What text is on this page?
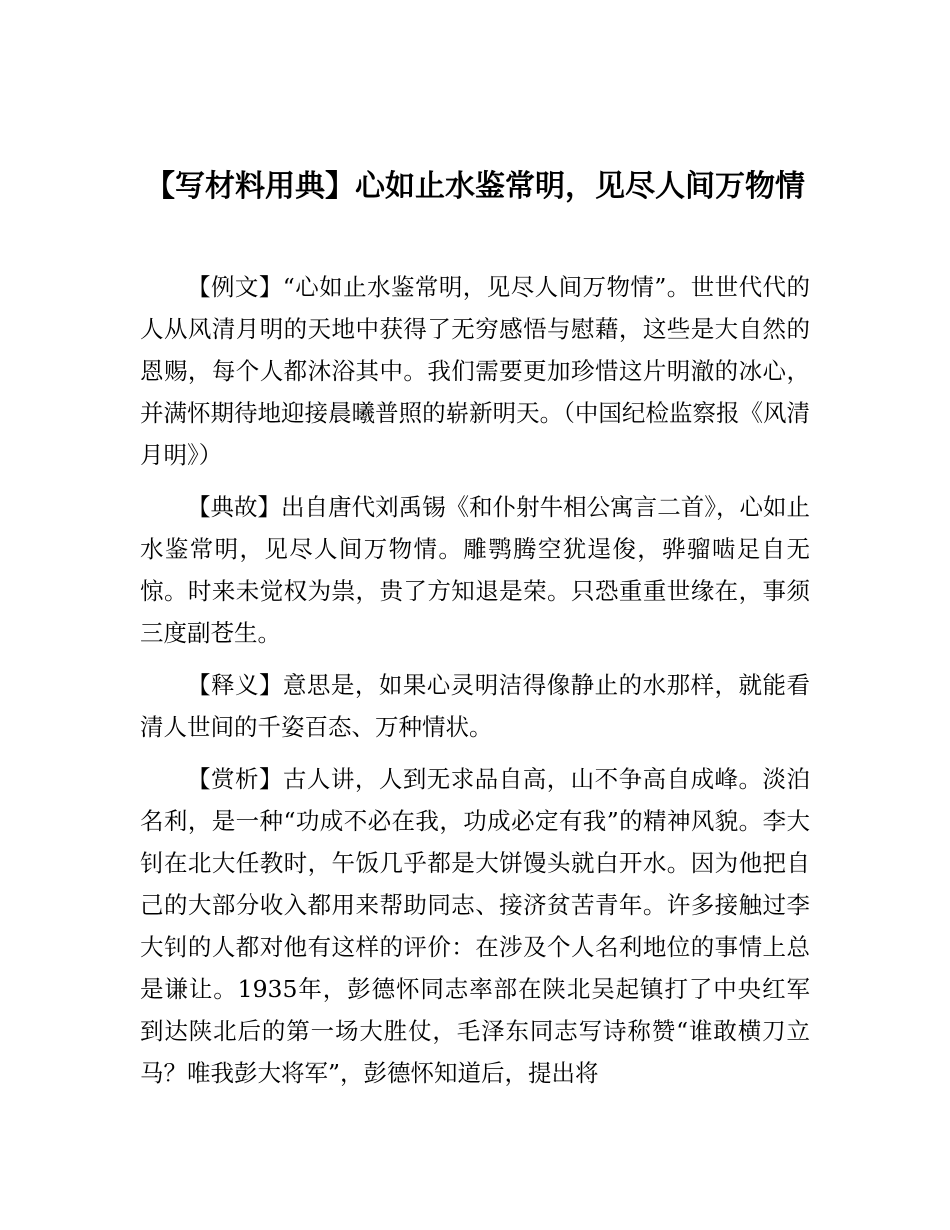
【写材料用典】心如止水鉴常明，见尽人间万物情

【例文】“心如止水鉴常明，见尽人间万物情”。世世代代的人从风清月明的天地中获得了无穷感悟与慰藉，这些是大自然的恩赐，每个人都沐浴其中。我们需要更加珍惜这片明澈的冰心，并满怀期待地迎接晨曦普照的崭新明天。（中国纪检监察报《风清月明》）

【典故】出自唐代刘禹锡《和仆射牛相公寓言二首》，心如止水鉴常明，见尽人间万物情。雕鹗腾空犹逞俊，骅骝啮足自无惊。时来未觉权为祟，贵了方知退是荣。只恐重重世缘在，事须三度副苍生。

【释义】意思是，如果心灵明洁得像静止的水那样，就能看清人世间的千姿百态、万种情状。

【赏析】古人讲，人到无求品自高，山不争高自成峰。淡泊名利，是一种“功成不必在我，功成必定有我”的精神风貌。李大钊在北大任教时，午饭几乎都是大饼馒头就白开水。因为他把自己的大部分收入都用来帮助同志、接济贫苦青年。许多接触过李大钊的人都对他有这样的评价：在涉及个人名利地位的事情上总是谦让。1935年，彭德怀同志率部在陕北吴起镇打了中央红军到达陕北后的第一场大胜仗，毛泽东同志写诗称赞“谁敢横刀立马？唯我彭大将军”，彭德怀知道后，提出将
